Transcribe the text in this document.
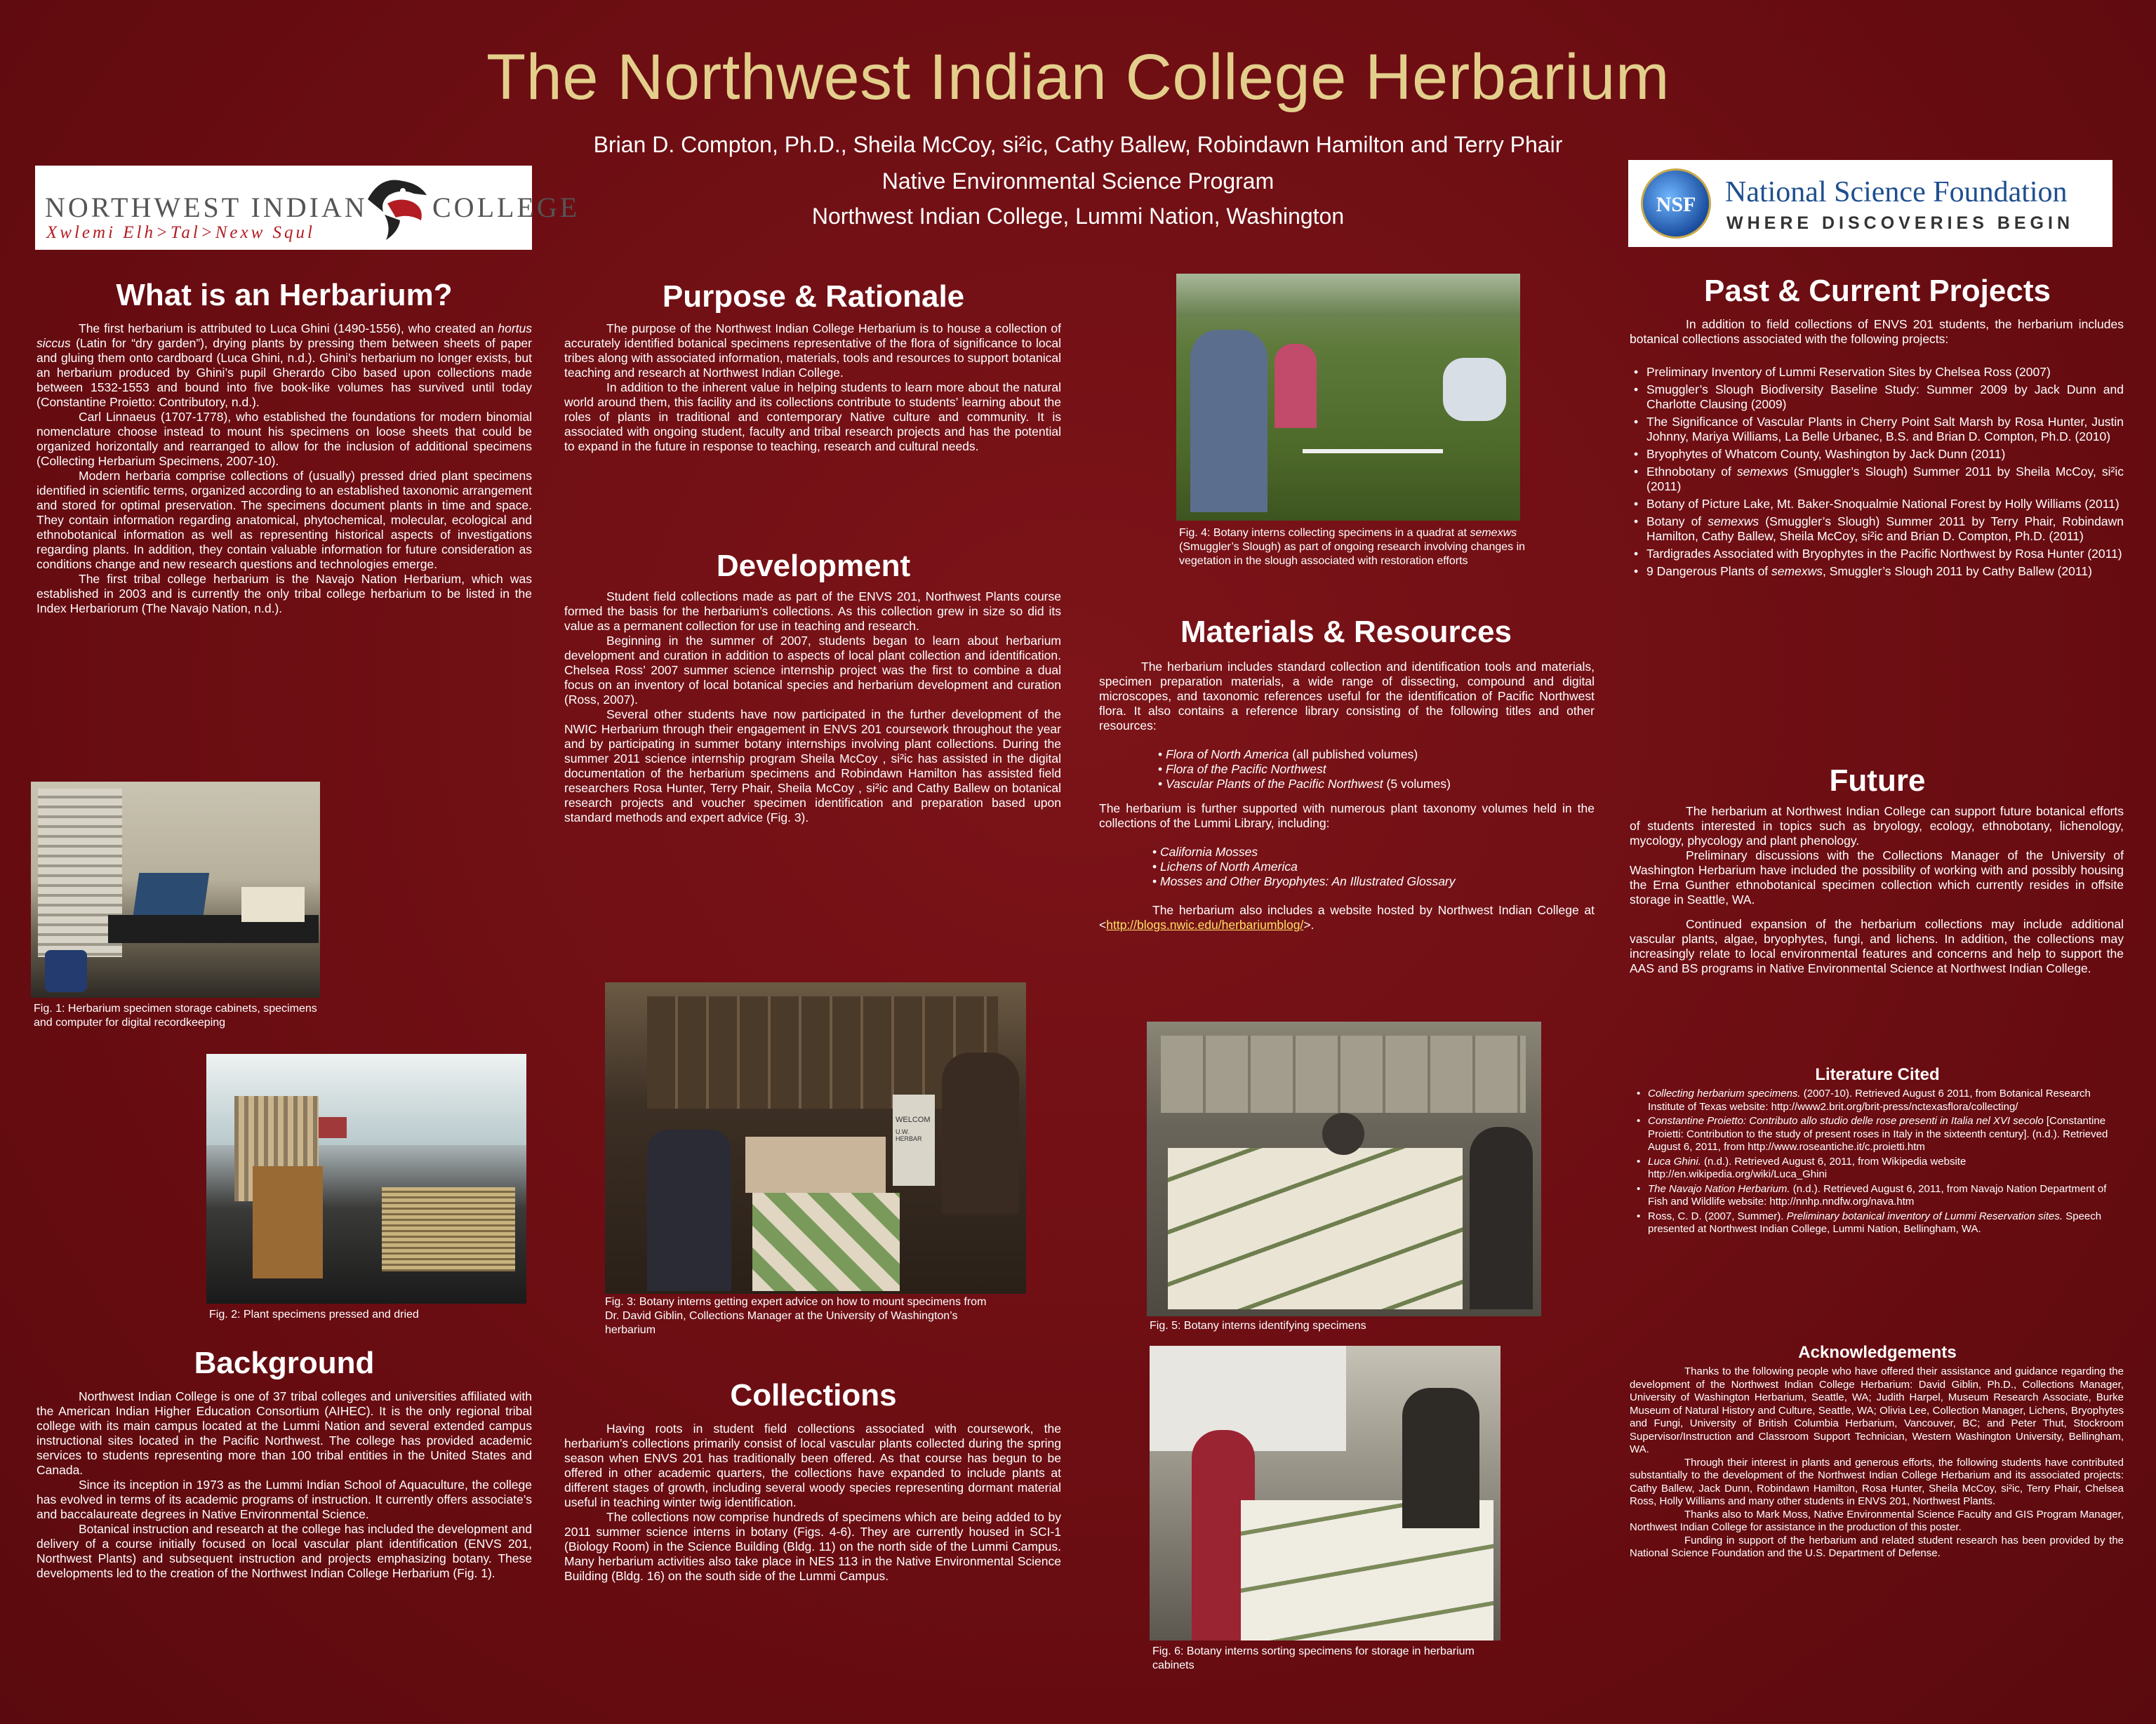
The Northwest Indian College Herbarium
Brian D. Compton, Ph.D., Sheila McCoy, si²ic, Cathy Ballew, Robindawn Hamilton and Terry Phair
Native Environmental Science Program
Northwest Indian College, Lummi Nation, Washington
NORTHWEST INDIAN COLLEGE
Xwlemi Elh>Tal>Nexw Squl
NSF National Science Foundation
WHERE DISCOVERIES BEGIN
What is an Herbarium?

The first herbarium is attributed to Luca Ghini (1490-1556), who created an hortus siccus (Latin for “dry garden”), drying plants by pressing them between sheets of paper and gluing them onto cardboard (Luca Ghini, n.d.). Ghini’s herbarium no longer exists, but an herbarium produced by Ghini’s pupil Gherardo Cibo based upon collections made between 1532-1553 and bound into five book-like volumes has survived until today (Constantine Proietto: Contributory, n.d.).

Carl Linnaeus (1707-1778), who established the foundations for modern binomial nomenclature choose instead to mount his specimens on loose sheets that could be organized horizontally and rearranged to allow for the inclusion of additional specimens (Collecting Herbarium Specimens, 2007-10).

Modern herbaria comprise collections of (usually) pressed dried plant specimens identified in scientific terms, organized according to an established taxonomic arrangement and stored for optimal preservation. The specimens document plants in time and space. They contain information regarding anatomical, phytochemical, molecular, ecological and ethnobotanical information as well as representing historical aspects of investigations regarding plants. In addition, they contain valuable information for future consideration as conditions change and new research questions and technologies emerge.

The first tribal college herbarium is the Navajo Nation Herbarium, which was established in 2003 and is currently the only tribal college herbarium to be listed in the Index Herbariorum (The Navajo Nation, n.d.).

Fig. 1: Herbarium specimen storage cabinets, specimens and computer for digital recordkeeping
Fig. 2: Plant specimens pressed and dried
Background

Northwest Indian College is one of 37 tribal colleges and universities affiliated with the American Indian Higher Education Consortium (AIHEC). It is the only regional tribal college with its main campus located at the Lummi Nation and several extended campus instructional sites located in the Pacific Northwest. The college has provided academic services to students representing more than 100 tribal entities in the United States and Canada.

Since its inception in 1973 as the Lummi Indian School of Aquaculture, the college has evolved in terms of its academic programs of instruction. It currently offers associate’s and baccalaureate degrees in Native Environmental Science.

Botanical instruction and research at the college has included the development and delivery of a course initially focused on local vascular plant identification (ENVS 201, Northwest Plants) and subsequent instruction and projects emphasizing botany. These developments led to the creation of the Northwest Indian College Herbarium (Fig. 1).

Purpose & Rationale

The purpose of the Northwest Indian College Herbarium is to house a collection of accurately identified botanical specimens representative of the flora of significance to local tribes along with associated information, materials, tools and resources to support botanical teaching and research at Northwest Indian College.

In addition to the inherent value in helping students to learn more about the natural world around them, this facility and its collections contribute to students’ learning about the roles of plants in traditional and contemporary Native culture and community. It is associated with ongoing student, faculty and tribal research projects and has the potential to expand in the future in response to teaching, research and cultural needs.

Development

Student field collections made as part of the ENVS 201, Northwest Plants course formed the basis for the herbarium’s collections. As this collection grew in size so did its value as a permanent collection for use in teaching and research.

Beginning in the summer of 2007, students began to learn about herbarium development and curation in addition to aspects of local plant collection and identification. Chelsea Ross’ 2007 summer science internship project was the first to combine a dual focus on an inventory of local botanical species and herbarium development and curation (Ross, 2007).

Several other students have now participated in the further development of the NWIC Herbarium through their engagement in ENVS 201 coursework throughout the year and by participating in summer botany internships involving plant collections. During the summer 2011 science internship program Sheila McCoy , si²ic has assisted in the digital documentation of the herbarium specimens and Robindawn Hamilton has assisted field researchers Rosa Hunter, Terry Phair, Sheila McCoy , si²ic and Cathy Ballew on botanical research projects and voucher specimen identification and preparation based upon standard methods and expert advice (Fig. 3).

WELCOM
U.W. HERBAR
Fig. 3: Botany interns getting expert advice on how to mount specimens from Dr. David Giblin, Collections Manager at the University of Washington’s herbarium
Collections

Having roots in student field collections associated with coursework, the herbarium’s collections primarily consist of local vascular plants collected during the spring season when ENVS 201 has traditionally been offered. As that course has begun to be offered in other academic quarters, the collections have expanded to include plants at different stages of growth, including several woody species representing dormant material useful in teaching winter twig identification.

The collections now comprise hundreds of specimens which are being added to by 2011 summer science interns in botany (Figs. 4-6). They are currently housed in SCI-1 (Biology Room) in the Science Building (Bldg. 11) on the north side of the Lummi Campus. Many herbarium activities also take place in NES 113 in the Native Environmental Science Building (Bldg. 16) on the south side of the Lummi Campus.

Fig. 4: Botany interns collecting specimens in a quadrat at semexws (Smuggler’s Slough) as part of ongoing research involving changes in vegetation in the slough associated with restoration efforts
Materials & Resources

The herbarium includes standard collection and identification tools and materials, specimen preparation materials, a wide range of dissecting, compound and digital microscopes, and taxonomic references useful for the identification of Pacific Northwest flora. It also contains a reference library consisting of the following titles and other resources:

• Flora of North America (all published volumes)
• Flora of the Pacific Northwest
• Vascular Plants of the Pacific Northwest (5 volumes)

The herbarium is further supported with numerous plant taxonomy volumes held in the collections of the Lummi Library, including:

• California Mosses
• Lichens of North America
• Mosses and Other Bryophytes: An Illustrated Glossary

The herbarium also includes a website hosted by Northwest Indian College at <http://blogs.nwic.edu/herbariumblog/>.

Fig. 5: Botany interns identifying specimens
Fig. 6: Botany interns sorting specimens for storage in herbarium cabinets
Past & Current Projects

In addition to field collections of ENVS 201 students, the herbarium includes botanical collections associated with the following projects:

• Preliminary Inventory of Lummi Reservation Sites by Chelsea Ross (2007)
• Smuggler’s Slough Biodiversity Baseline Study: Summer 2009 by Jack Dunn and Charlotte Clausing (2009)
• The Significance of Vascular Plants in Cherry Point Salt Marsh by Rosa Hunter, Justin Johnny, Mariya Williams, La Belle Urbanec, B.S. and Brian D. Compton, Ph.D. (2010)
• Bryophytes of Whatcom County, Washington by Jack Dunn (2011)
• Ethnobotany of semexws (Smuggler’s Slough) Summer 2011 by Sheila McCoy, si²ic (2011)
• Botany of Picture Lake, Mt. Baker-Snoqualmie National Forest by Holly Williams (2011)
• Botany of semexws (Smuggler’s Slough) Summer 2011 by Terry Phair, Robindawn Hamilton, Cathy Ballew, Sheila McCoy, si²ic and Brian D. Compton, Ph.D. (2011)
• Tardigrades Associated with Bryophytes in the Pacific Northwest by Rosa Hunter (2011)
• 9 Dangerous Plants of semexws, Smuggler’s Slough 2011 by Cathy Ballew (2011)
Future

The herbarium at Northwest Indian College can support future botanical efforts of students interested in topics such as bryology, ecology, ethnobotany, lichenology, mycology, phycology and plant phenology.

Preliminary discussions with the Collections Manager of the University of Washington Herbarium have included the possibility of working with and possibly housing the Erna Gunther ethnobotanical specimen collection which currently resides in offsite storage in Seattle, WA.

Continued expansion of the herbarium collections may include additional vascular plants, algae, bryophytes, fungi, and lichens. In addition, the collections may increasingly relate to local environmental features and concerns and help to support the AAS and BS programs in Native Environmental Science at Northwest Indian College.

Literature Cited
• Collecting herbarium specimens. (2007-10). Retrieved August 6 2011, from Botanical Research Institute of Texas website: http://www2.brit.org/brit-press/nctexasflora/collecting/
• Constantine Proietto: Contributo allo studio delle rose presenti in Italia nel XVI secolo [Constantine Proietti: Contribution to the study of present roses in Italy in the sixteenth century]. (n.d.). Retrieved August 6, 2011, from http://www.roseantiche.it/c.proietti.htm
• Luca Ghini. (n.d.). Retrieved August 6, 2011, from Wikipedia website http://en.wikipedia.org/wiki/Luca_Ghini
• The Navajo Nation Herbarium. (n.d.). Retrieved August 6, 2011, from Navajo Nation Department of Fish and Wildlife website: http://nnhp.nndfw.org/nava.htm
• Ross, C. D. (2007, Summer). Preliminary botanical inventory of Lummi Reservation sites. Speech presented at Northwest Indian College, Lummi Nation, Bellingham, WA.
Acknowledgements

Thanks to the following people who have offered their assistance and guidance regarding the development of the Northwest Indian College Herbarium: David Giblin, Ph.D., Collections Manager, University of Washington Herbarium, Seattle, WA; Judith Harpel, Museum Research Associate, Burke Museum of Natural History and Culture, Seattle, WA; Olivia Lee, Collection Manager, Lichens, Bryophytes and Fungi, University of British Columbia Herbarium, Vancouver, BC; and Peter Thut, Stockroom Supervisor/Instruction and Classroom Support Technician, Western Washington University, Bellingham, WA.

Through their interest in plants and generous efforts, the following students have contributed substantially to the development of the Northwest Indian College Herbarium and its associated projects: Cathy Ballew, Jack Dunn, Robindawn Hamilton, Rosa Hunter, Sheila McCoy, si²ic, Terry Phair, Chelsea Ross, Holly Williams and many other students in ENVS 201, Northwest Plants.

Thanks also to Mark Moss, Native Environmental Science Faculty and GIS Program Manager, Northwest Indian College for assistance in the production of this poster.

Funding in support of the herbarium and related student research has been provided by the National Science Foundation and the U.S. Department of Defense.
